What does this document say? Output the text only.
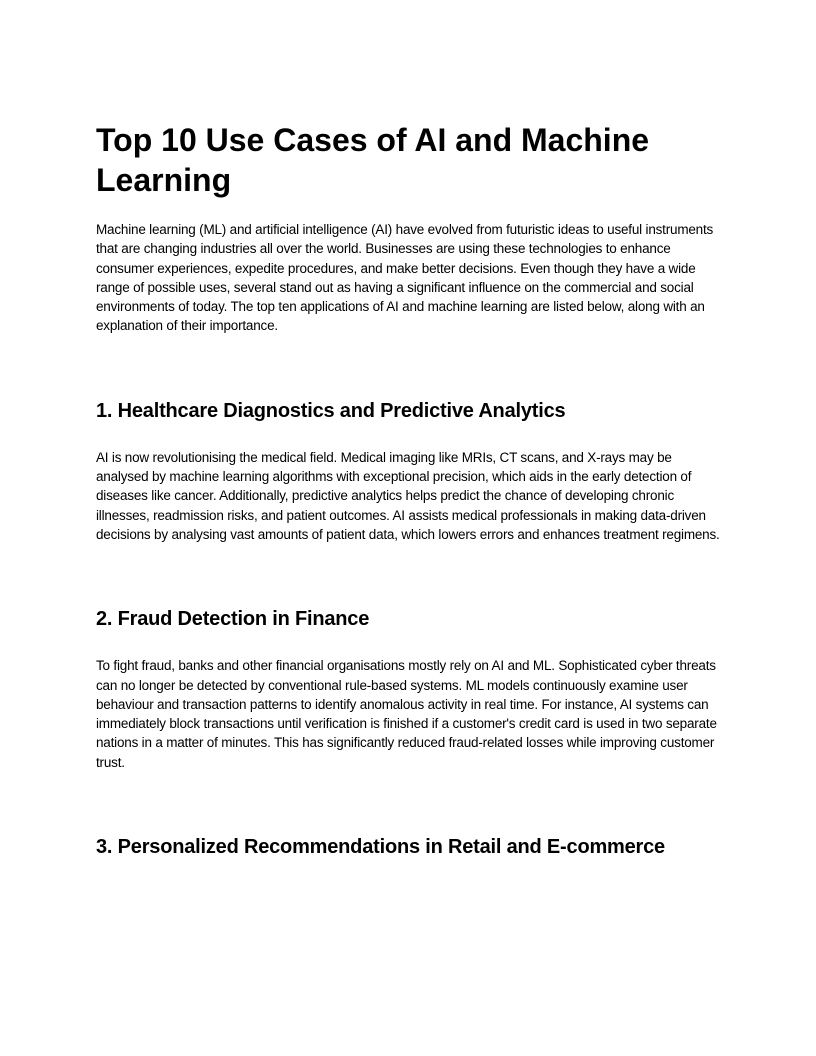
Top 10 Use Cases of AI and Machine Learning

Machine learning (ML) and artificial intelligence (AI) have evolved from futuristic ideas to useful instruments that are changing industries all over the world. Businesses are using these technologies to enhance consumer experiences, expedite procedures, and make better decisions. Even though they have a wide range of possible uses, several stand out as having a significant influence on the commercial and social environments of today. The top ten applications of AI and machine learning are listed below, along with an explanation of their importance.

1. Healthcare Diagnostics and Predictive Analytics

AI is now revolutionising the medical field. Medical imaging like MRIs, CT scans, and X-rays may be analysed by machine learning algorithms with exceptional precision, which aids in the early detection of diseases like cancer. Additionally, predictive analytics helps predict the chance of developing chronic illnesses, readmission risks, and patient outcomes. AI assists medical professionals in making data-driven decisions by analysing vast amounts of patient data, which lowers errors and enhances treatment regimens.

2. Fraud Detection in Finance

To fight fraud, banks and other financial organisations mostly rely on AI and ML. Sophisticated cyber threats can no longer be detected by conventional rule-based systems. ML models continuously examine user behaviour and transaction patterns to identify anomalous activity in real time. For instance, AI systems can immediately block transactions until verification is finished if a customer's credit card is used in two separate nations in a matter of minutes. This has significantly reduced fraud-related losses while improving customer trust.

3. Personalized Recommendations in Retail and E-commerce
